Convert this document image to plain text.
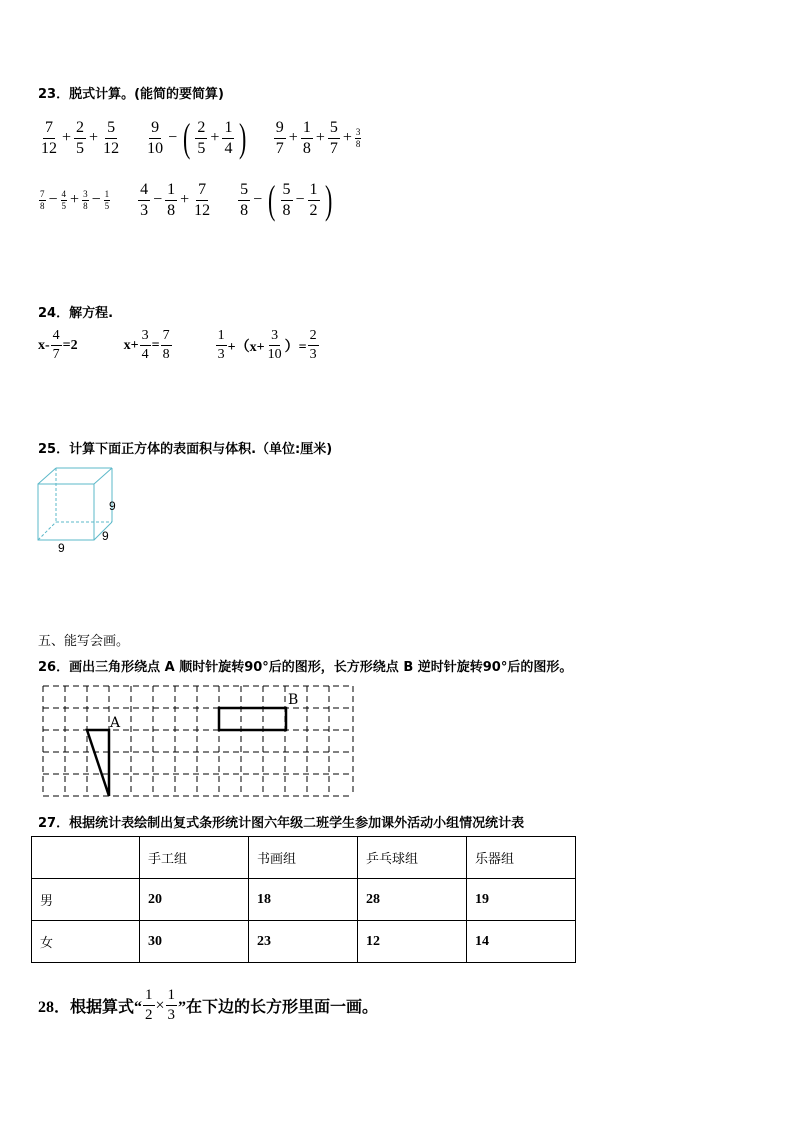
23．脱式计算。(能简的要简算)
$\frac{7}{12} + \frac{2}{5} + \frac{5}{12} \frac{9}{10}$ − ( $\frac{2}{5} + \frac{1}{4}$ ) $\frac{9}{7} + \frac{1}{8} + \frac{5}{7} + \frac{3}{8}$
$\frac{7}{8} - \frac{4}{5} + \frac{3}{8} - \frac{1}{5} \frac{4}{3} - \frac{1}{8} + \frac{7}{12} \frac{5}{8}$ − ( $\frac{5}{8} - \frac{1}{2}$ )
24．解方程.
$x- \frac{4}{7} =2$	$x+ \frac{3}{4} = \frac{7}{8}$	$\frac{1}{3} +(x+ \frac{3}{10}$ ）= $\frac{2}{3}$
25．计算下面正方体的表面积与体积.（单位:厘米)
9
9
9
五、能写会画。
26．画出三角形绕点 A 顺时针旋转90°后的图形，长方形绕点 B 逆时针旋转90°后的图形。
A
B
27．根据统计表绘制出复式条形统计图六年级二班学生参加课外活动小组情况统计表
	手工组	书画组	乒乓球组	乐器组
男	20	18	28	19
女	30	23	12	14
28．根据算式“ $\frac{1}{2} \times \frac{1}{3}$ ”在下边的长方形里面一画。
